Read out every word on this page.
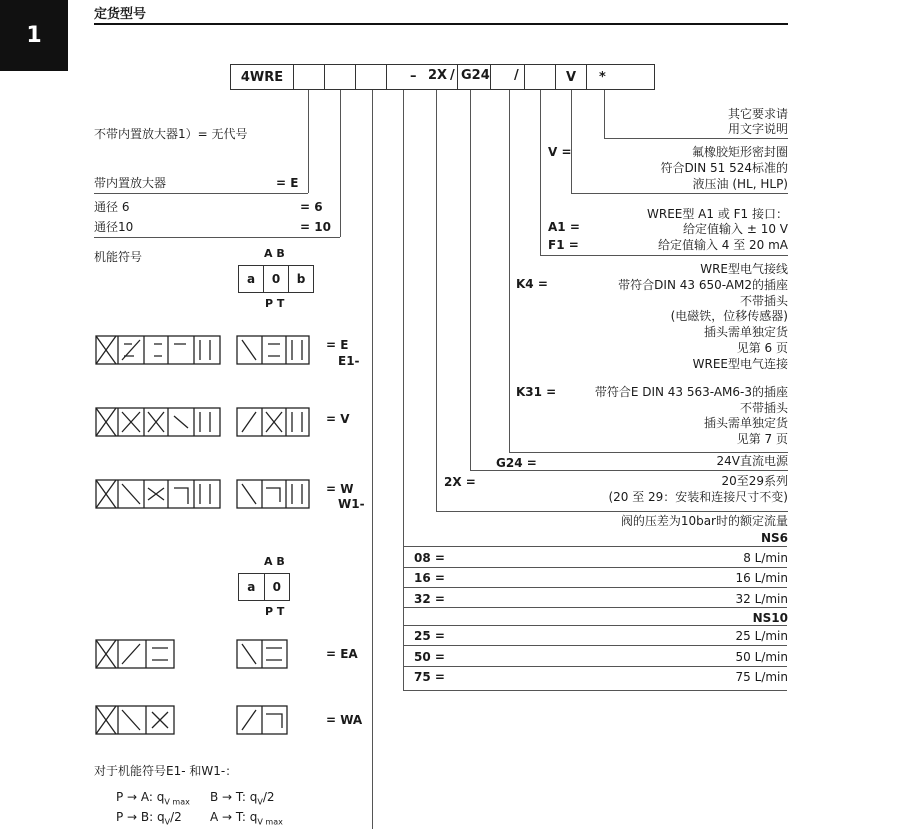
1
定货型号
4WRE	– 2X / G24 /	V	*
其它要求请
用文字说明
V =	氟橡胶矩形密封圈
符合DIN 51 524标准的
液压油 (HL, HLP)
WREE型 A1 或 F1 接口：
A1 =	给定值输入 ± 10 V
F1 =	给定值输入 4 至 20 mA
WRE型电气接线
K4 =	带符合DIN 43 650-AM2的插座
不带插头
(电磁铁，位移传感器)
插头需单独定货
见第 6 页
WREE型电气连接
K31 =	带符合E DIN 43 563-AM6-3的插座
不带插头
插头需单独定货
见第 7 页
G24 =	24V直流电源
2X =	20至29系列
(20 至 29：安装和连接尺寸不变)
阀的压差为10bar时的额定流量
NS6
08 =	8 L/min
16 =	16 L/min
32 =	32 L/min
NS10
25 =	25 L/min
50 =	50 L/min
75 =	75 L/min
不带内置放大器1）= 无代号
带内置放大器	= E
通径 6	= 6
通径10	= 10
机能符号	A B
a	0	b
P T
= E
E1-
= V
= W
W1-
A B
a	0
P T
= EA
= WA
对于机能符号E1- 和W1-：
P → A: $q_{V max}$ B → T: $q_V/2$
P → B: $q_V/2$ A → T: $q_{V max}$
